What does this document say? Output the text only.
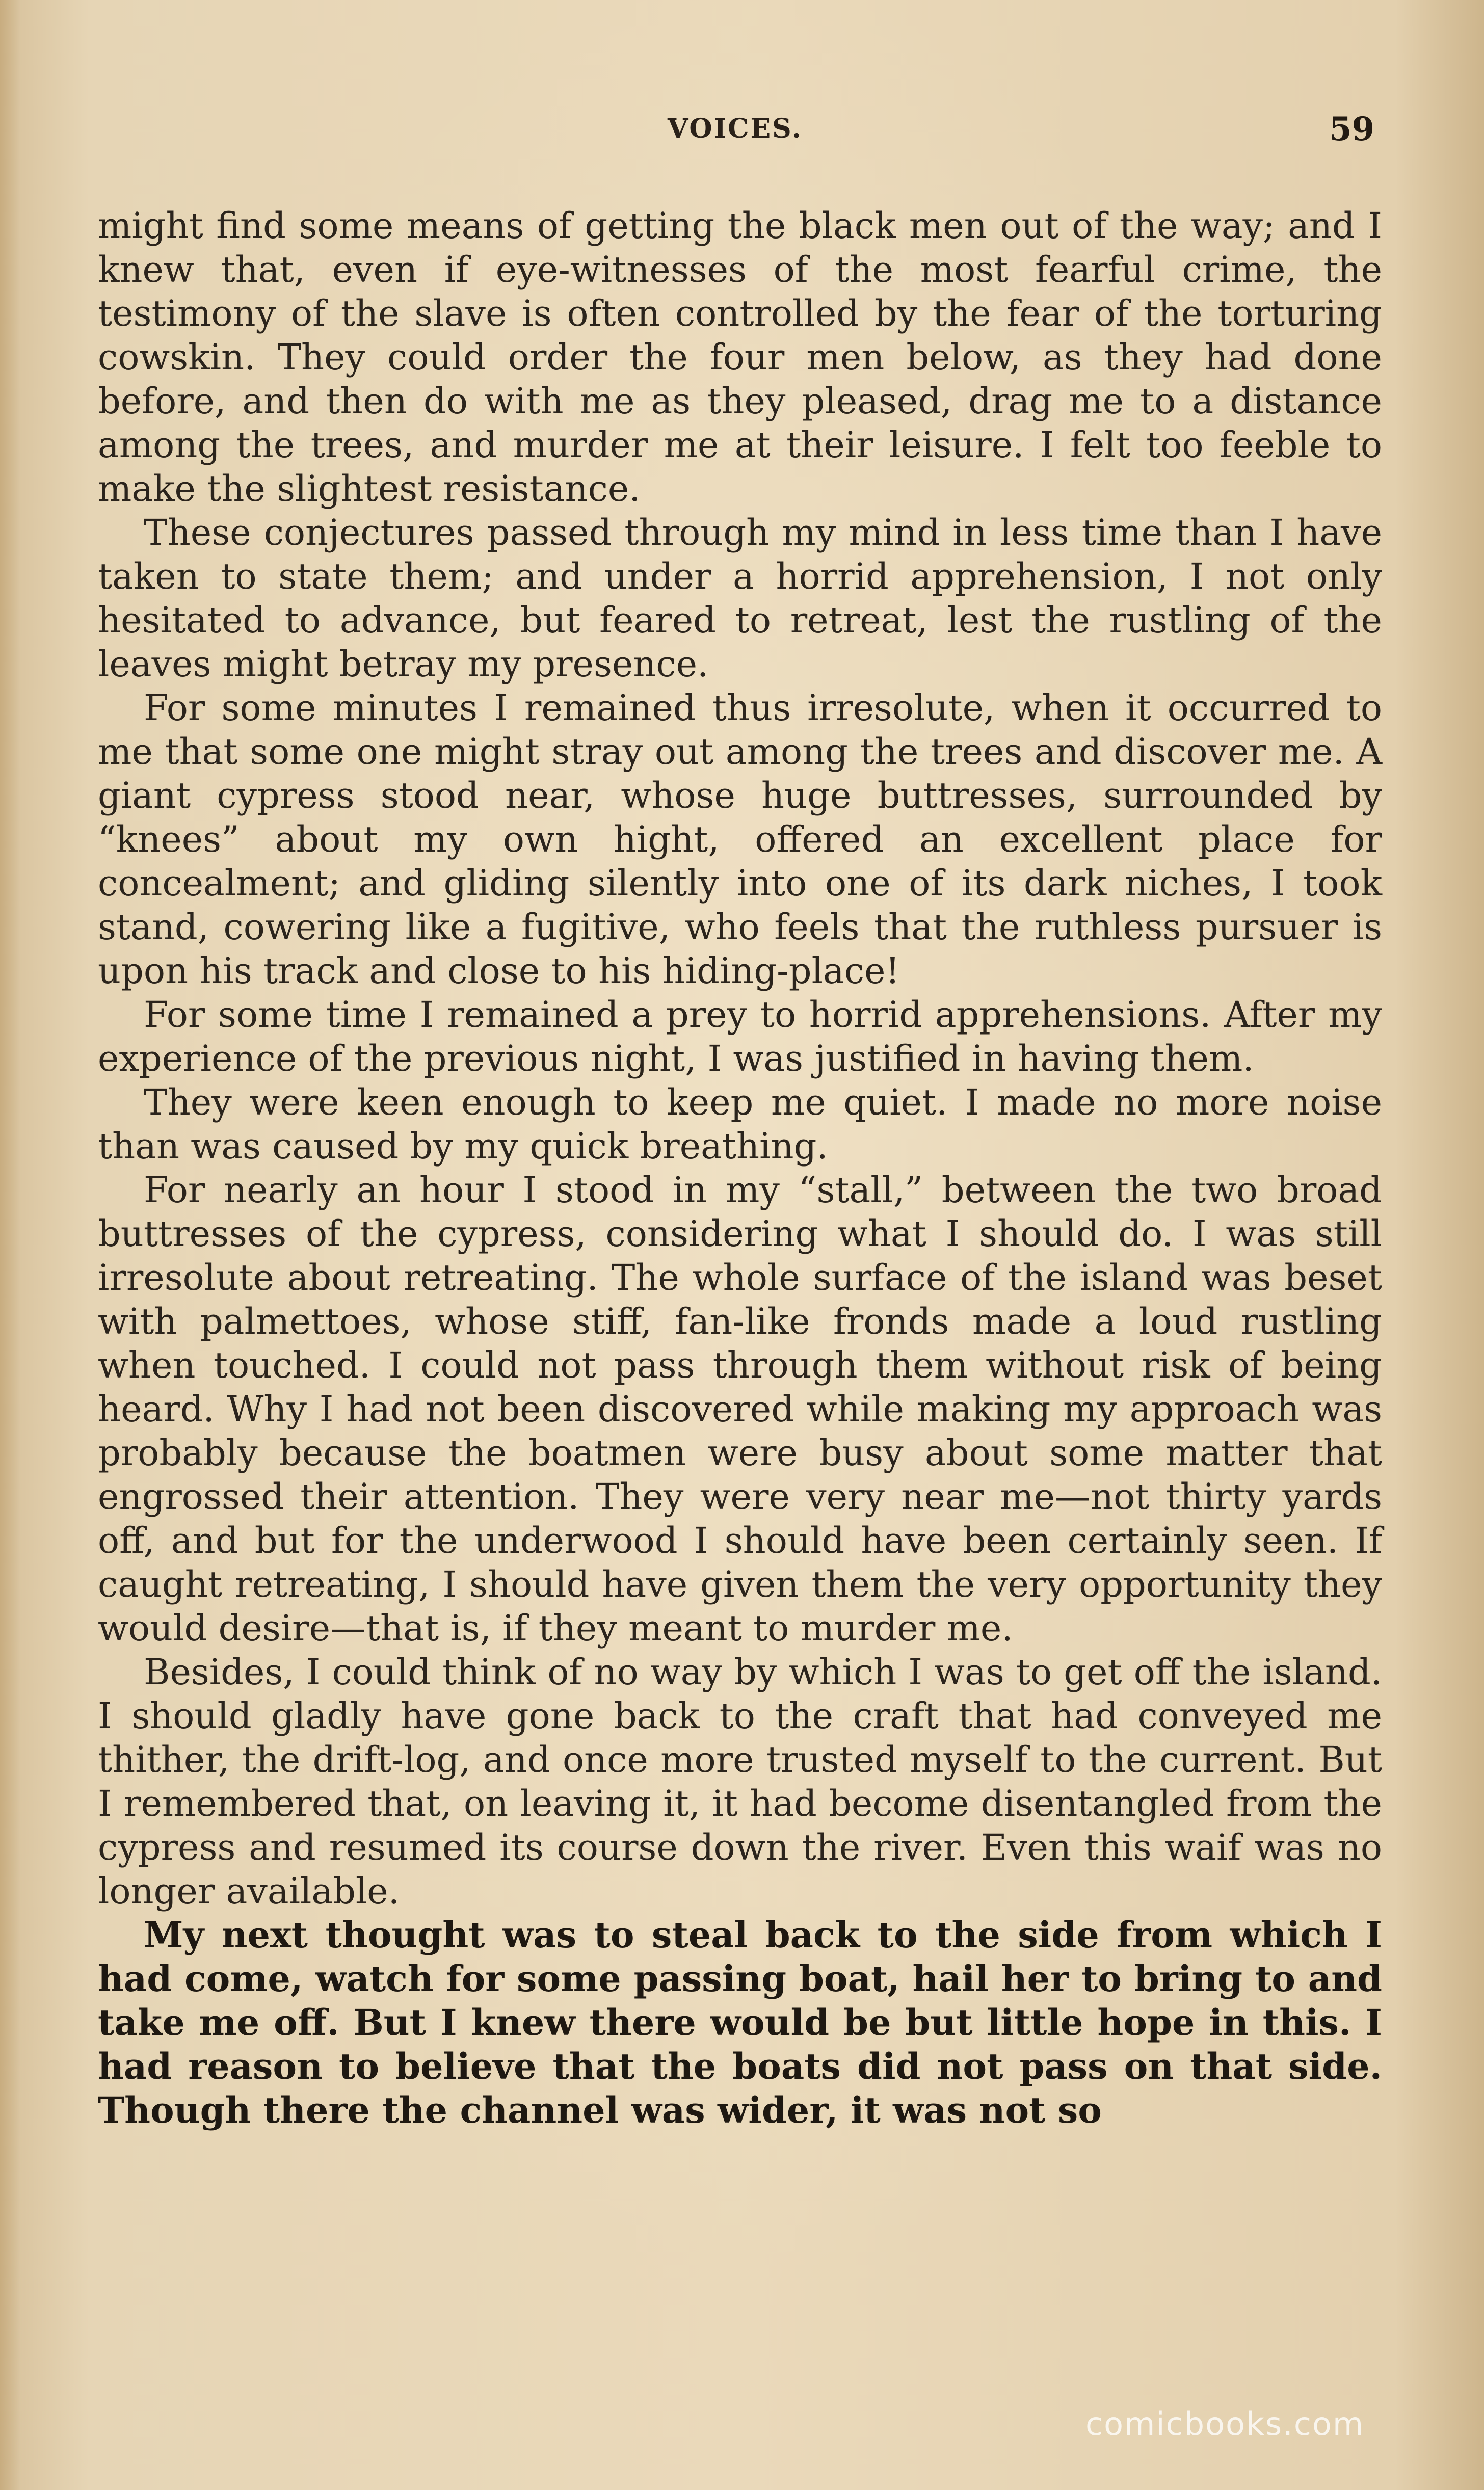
VOICES.	59

might find some means of getting the black men out of the way; and I knew that, even if eye-witnesses of the most fearful crime, the testimony of the slave is often controlled by the fear of the torturing cowskin. They could order the four men below, as they had done before, and then do with me as they pleased, drag me to a distance among the trees, and murder me at their leisure. I felt too feeble to make the slightest resistance.

These conjectures passed through my mind in less time than I have taken to state them; and under a horrid apprehension, I not only hesitated to advance, but feared to retreat, lest the rustling of the leaves might betray my presence.

For some minutes I remained thus irresolute, when it occurred to me that some one might stray out among the trees and discover me. A giant cypress stood near, whose huge buttresses, surrounded by “knees” about my own hight, offered an excellent place for concealment; and gliding silently into one of its dark niches, I took stand, cowering like a fugitive, who feels that the ruthless pursuer is upon his track and close to his hiding-place!

For some time I remained a prey to horrid apprehensions. After my experience of the previous night, I was justified in having them.

They were keen enough to keep me quiet. I made no more noise than was caused by my quick breathing.

For nearly an hour I stood in my “stall,” between the two broad buttresses of the cypress, considering what I should do. I was still irresolute about retreating. The whole surface of the island was beset with palmettoes, whose stiff, fan-like fronds made a loud rustling when touched. I could not pass through them without risk of being heard. Why I had not been discovered while making my approach was probably because the boatmen were busy about some matter that engrossed their attention. They were very near me—not thirty yards off, and but for the underwood I should have been certainly seen. If caught retreating, I should have given them the very opportunity they would desire—that is, if they meant to murder me.

Besides, I could think of no way by which I was to get off the island. I should gladly have gone back to the craft that had conveyed me thither, the drift-log, and once more trusted myself to the current. But I remembered that, on leaving it, it had become disentangled from the cypress and resumed its course down the river. Even this waif was no longer available.

My next thought was to steal back to the side from which I had come, watch for some passing boat, hail her to bring to and take me off. But I knew there would be but little hope in this. I had reason to believe that the boats did not pass on that side. Though there the channel was wider, it was not so

comicbooks.com
